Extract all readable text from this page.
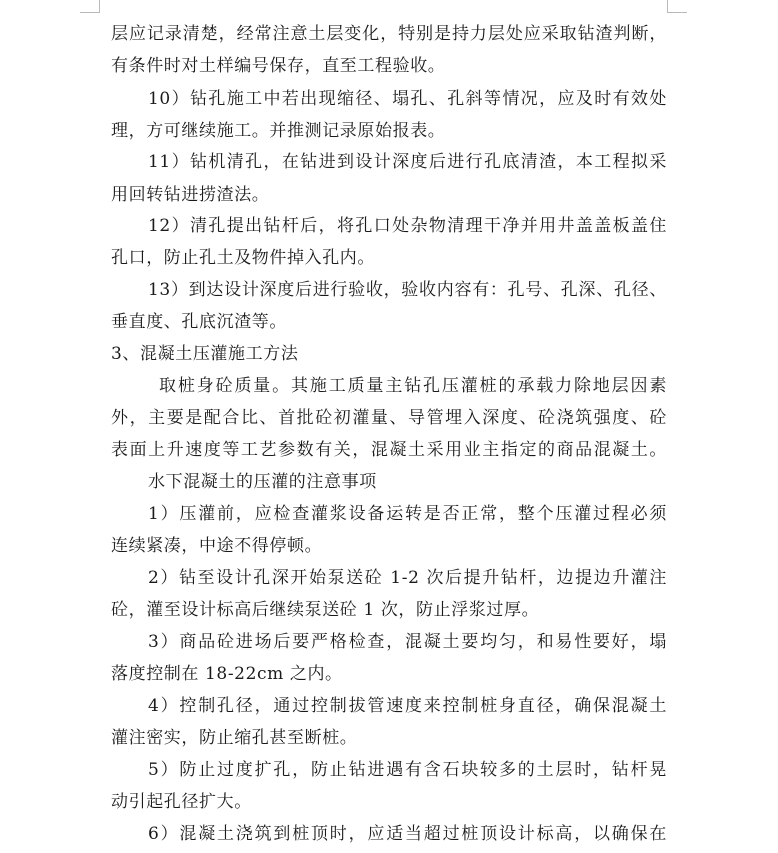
层应记录清楚，经常注意土层变化，特别是持力层处应采取钻渣判断，
有条件时对土样编号保存，直至工程验收。
10）钻孔施工中若出现缩径、塌孔、孔斜等情况，应及时有效处
理，方可继续施工。并推测记录原始报表。
11）钻机清孔，在钻进到设计深度后进行孔底清渣，本工程拟采
用回转钻进捞渣法。
12）清孔提出钻杆后，将孔口处杂物清理干净并用井盖盖板盖住
孔口，防止孔土及物件掉入孔内。
13）到达设计深度后进行验收，验收内容有：孔号、孔深、孔径、
垂直度、孔底沉渣等。
3、混凝土压灌施工方法
取桩身砼质量。其施工质量主钻孔压灌桩的承载力除地层因素
外，主要是配合比、首批砼初灌量、导管埋入深度、砼浇筑强度、砼
表面上升速度等工艺参数有关，混凝土采用业主指定的商品混凝土。
水下混凝土的压灌的注意事项
1）压灌前，应检查灌浆设备运转是否正常，整个压灌过程必须
连续紧凑，中途不得停顿。
2）钻至设计孔深开始泵送砼 1-2 次后提升钻杆，边提边升灌注
砼，灌至设计标高后继续泵送砼 1 次，防止浮浆过厚。
3）商品砼进场后要严格检查，混凝土要均匀，和易性要好，塌
落度控制在 18-22cm 之内。
4）控制孔径，通过控制拔管速度来控制桩身直径，确保混凝土
灌注密实，防止缩孔甚至断桩。
5）防止过度扩孔，防止钻进遇有含石块较多的土层时，钻杆晃
动引起孔径扩大。
6）混凝土浇筑到桩顶时，应适当超过桩顶设计标高，以确保在
